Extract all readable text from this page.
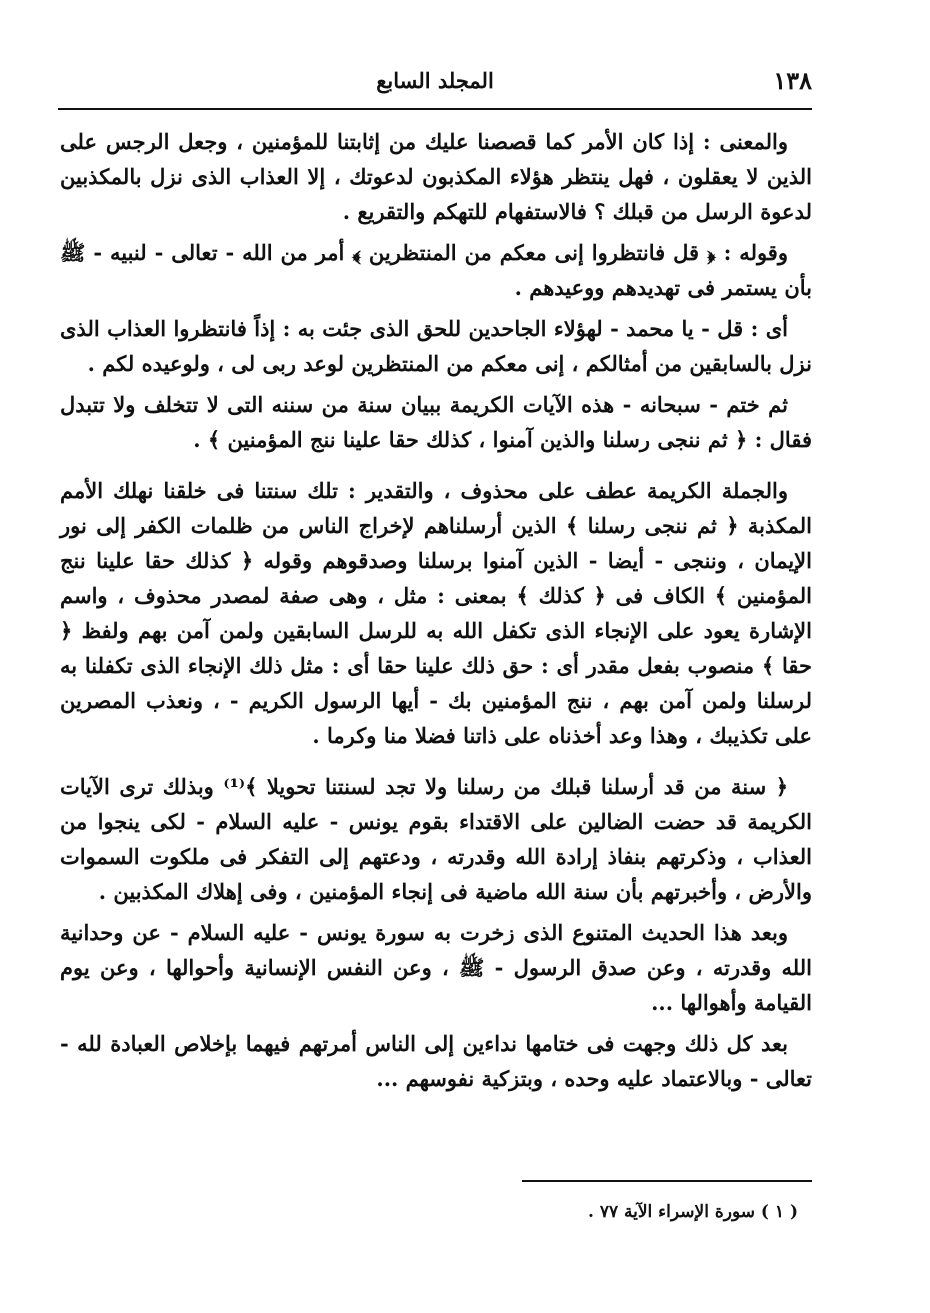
١٣٨
المجلد السابع

والمعنى : إذا كان الأمر كما قصصنا عليك من إثابتنا للمؤمنين ، وجعل الرجس على الذين لا يعقلون ، فهل ينتظر هؤلاء المكذبون لدعوتك ، إلا العذاب الذى نزل بالمكذبين لدعوة الرسل من قبلك ؟ فالاستفهام للتهكم والتقريع .

وقوله : ﴿ قل فانتظروا إنى معكم من المنتظرين ﴾ أمر من الله - تعالى - لنبيه - ﷺ بأن يستمر فى تهديدهم ووعيدهم .

أى : قل - يا محمد - لهؤلاء الجاحدين للحق الذى جئت به : إذاً فانتظروا العذاب الذى نزل بالسابقين من أمثالكم ، إنى معكم من المنتظرين لوعد ربى لى ، ولوعيده لكم .

ثم ختم - سبحانه - هذه الآيات الكريمة ببيان سنة من سننه التى لا تتخلف ولا تتبدل فقال : ﴿ ثم ننجى رسلنا والذين آمنوا ، كذلك حقا علينا ننج المؤمنين ﴾ .

والجملة الكريمة عطف على محذوف ، والتقدير : تلك سنتنا فى خلقنا نهلك الأمم المكذبة ﴿ ثم ننجى رسلنا ﴾ الذين أرسلناهم لإخراج الناس من ظلمات الكفر إلى نور الإيمان ، وننجى - أيضا - الذين آمنوا برسلنا وصدقوهم وقوله ﴿ كذلك حقا علينا ننج المؤمنين ﴾ الكاف فى ﴿ كذلك ﴾ بمعنى : مثل ، وهى صفة لمصدر محذوف ، واسم الإشارة يعود على الإنجاء الذى تكفل الله به للرسل السابقين ولمن آمن بهم ولفظ ﴿ حقا ﴾ منصوب بفعل مقدر أى : حق ذلك علينا حقا أى : مثل ذلك الإنجاء الذى تكفلنا به لرسلنا ولمن آمن بهم ، ننج المؤمنين بك - أيها الرسول الكريم - ، ونعذب المصرين على تكذيبك ، وهذا وعد أخذناه على ذاتنا فضلا منا وكرما .

﴿ سنة من قد أرسلنا قبلك من رسلنا ولا تجد لسنتنا تحويلا ﴾⁽¹⁾ وبذلك ترى الآيات الكريمة قد حضت الضالين على الاقتداء بقوم يونس - عليه السلام - لكى ينجوا من العذاب ، وذكرتهم بنفاذ إرادة الله وقدرته ، ودعتهم إلى التفكر فى ملكوت السموات والأرض ، وأخبرتهم بأن سنة الله ماضية فى إنجاء المؤمنين ، وفى إهلاك المكذبين .

وبعد هذا الحديث المتنوع الذى زخرت به سورة يونس - عليه السلام - عن وحدانية الله وقدرته ، وعن صدق الرسول - ﷺ ، وعن النفس الإنسانية وأحوالها ، وعن يوم القيامة وأهوالها ...

بعد كل ذلك وجهت فى ختامها نداءين إلى الناس أمرتهم فيهما بإخلاص العبادة لله - تعالى - وبالاعتماد عليه وحده ، وبتزكية نفوسهم ...

( ١ ) سورة الإسراء الآية ٧٧ .
